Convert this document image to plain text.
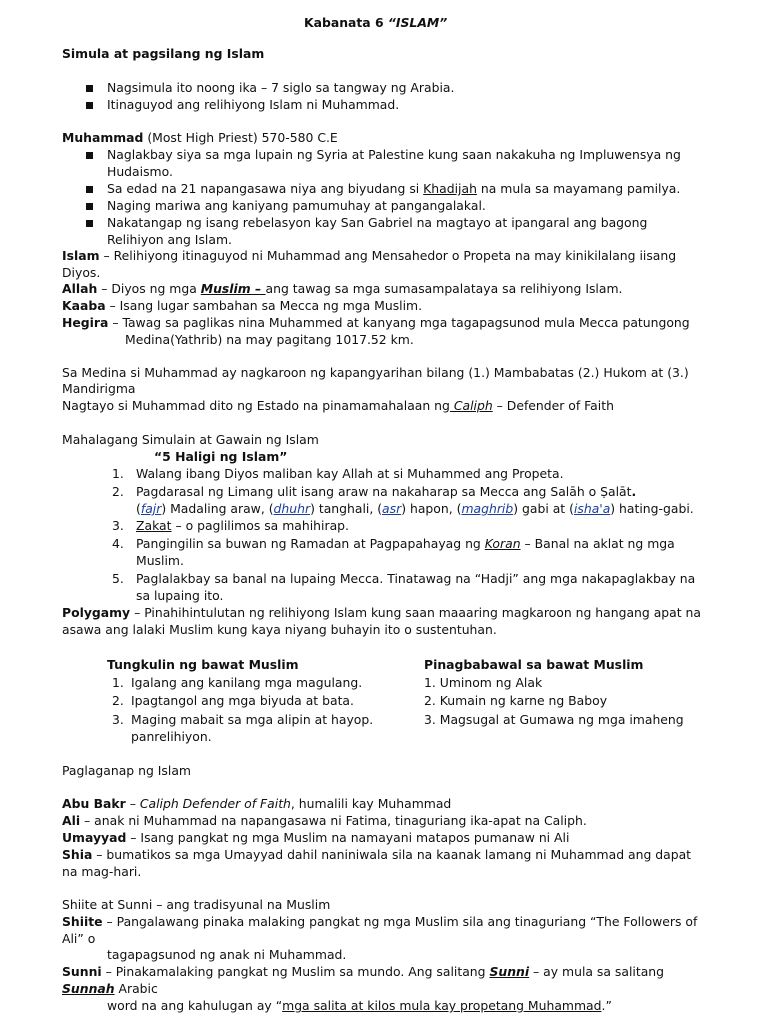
Kabanata 6 “ISLAM”
Simula at pagsilang ng Islam
Nagsimula ito noong ika – 7 siglo sa tangway ng Arabia.
Itinaguyod ang relihiyong Islam ni Muhammad.
Muhammad (Most High Priest) 570-580 C.E
Naglakbay siya sa mga lupain ng Syria at Palestine kung saan nakakuha ng Impluwensya ng
Hudaismo.
Sa edad na 21 napangasawa niya ang biyudang si Khadijah na mula sa mayamang pamilya.
Naging mariwa ang kaniyang pamumuhay at pangangalakal.
Nakatangap ng isang rebelasyon kay San Gabriel na magtayo at ipangaral ang bagong
Relihiyon ang Islam.
Islam – Relihiyong itinaguyod ni Muhammad ang Mensahedor o Propeta na may kinikilalang iisang
Diyos.
Allah – Diyos ng mga Muslim – ang tawag sa mga sumasampalataya sa relihiyong Islam.
Kaaba – Isang lugar sambahan sa Mecca ng mga Muslim.
Hegira – Tawag sa paglikas nina Muhammed at kanyang mga tagapagsunod mula Mecca patungong
Medina(Yathrib) na may pagitang 1017.52 km.
Sa Medina si Muhammad ay nagkaroon ng kapangyarihan bilang (1.) Mambabatas (2.) Hukom at (3.)
Mandirigma
Nagtayo si Muhammad dito ng Estado na pinamamahalaan ng Caliph – Defender of Faith
Mahalagang Simulain at Gawain ng Islam
“5 Haligi ng Islam”
1. Walang ibang Diyos maliban kay Allah at si Muhammed ang Propeta.
2. Pagdarasal ng Limang ulit isang araw na nakaharap sa Mecca ang Salāh o Ṣalāt.
(fajr) Madaling araw, (dhuhr) tanghali, (asr) hapon, (maghrib) gabi at (isha'a) hating-gabi.
3. Zakat – o paglilimos sa mahihirap.
4. Pangingilin sa buwan ng Ramadan at Pagpapahayag ng Koran – Banal na aklat ng mga
Muslim.
5. Paglalakbay sa banal na lupaing Mecca. Tinatawag na “Hadji” ang mga nakapaglakbay na
sa lupaing ito.
Polygamy – Pinahihintulutan ng relihiyong Islam kung saan maaaring magkaroon ng hangang apat na
asawa ang lalaki Muslim kung kaya niyang buhayin ito o sustentuhan.
Tungkulin ng bawat Muslim
1. Igalang ang kanilang mga magulang.
2. Ipagtangol ang mga biyuda at bata.
3. Maging mabait sa mga alipin at hayop.
panrelihiyon.
Pinagbabawal sa bawat Muslim
1. Uminom ng Alak
2. Kumain ng karne ng Baboy
3. Magsugal at Gumawa ng mga imaheng
Paglaganap ng Islam
Abu Bakr – Caliph Defender of Faith, humalili kay Muhammad
Ali – anak ni Muhammad na napangasawa ni Fatima, tinaguriang ika-apat na Caliph.
Umayyad – Isang pangkat ng mga Muslim na namayani matapos pumanaw ni Ali
Shia – bumatikos sa mga Umayyad dahil naniniwala sila na kaanak lamang ni Muhammad ang dapat
na mag-hari.
Shiite at Sunni – ang tradisyunal na Muslim
Shiite – Pangalawang pinaka malaking pangkat ng mga Muslim sila ang tinaguriang “The Followers of
Ali” o
tagapagsunod ng anak ni Muhammad.
Sunni – Pinakamalaking pangkat ng Muslim sa mundo. Ang salitang Sunni – ay mula sa salitang
Sunnah Arabic
word na ang kahulugan ay “mga salita at kilos mula kay propetang Muhammad.”
